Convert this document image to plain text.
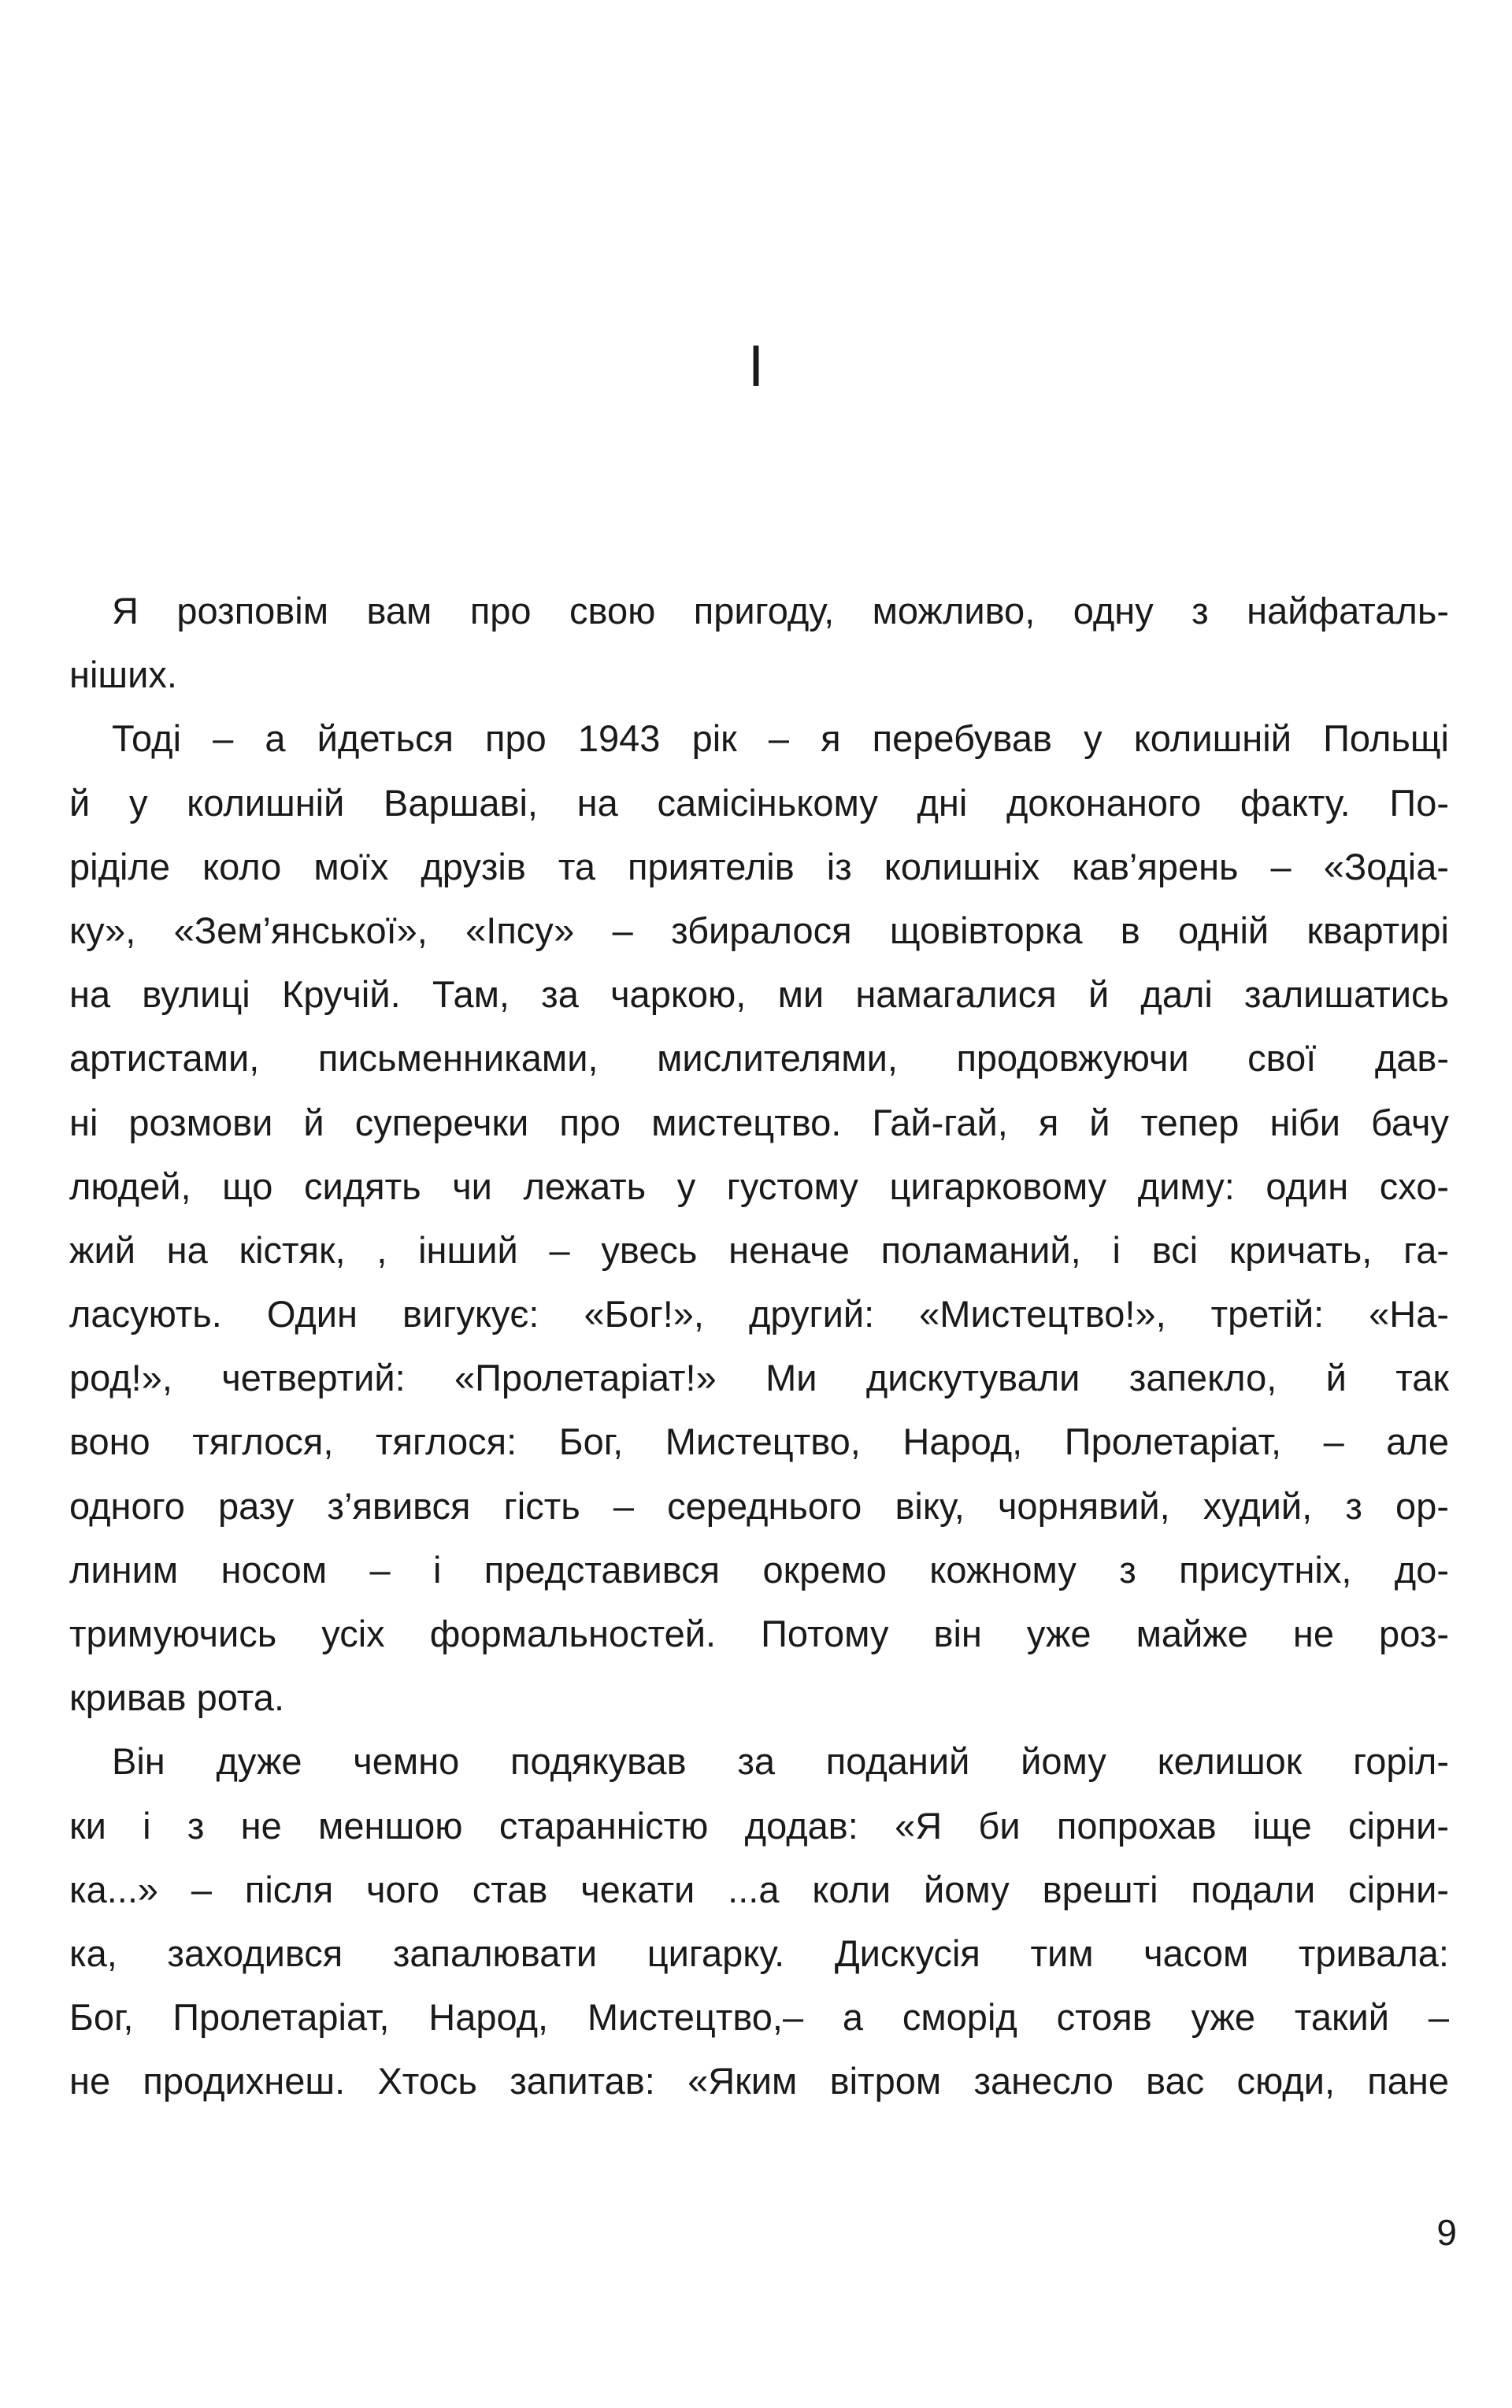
I
Я розповім вам про свою пригоду, можливо, одну з найфаталь-
ніших.
Тоді – а йдеться про 1943 рік – я перебував у колишній Польщі
й у колишній Варшаві, на самісінькому дні доконаного факту. По-
ріділе коло моїх друзів та приятелів із колишніх кав’ярень – «Зодіа-
ку», «Зем’янської», «Іпсу» – збиралося щовівторка в одній квартирі
на вулиці Кручій. Там, за чаркою, ми намагалися й далі залишатись
артистами, письменниками, мислителями, продовжуючи свої дав-
ні розмови й суперечки про мистецтво. Гай-гай, я й тепер ніби бачу
людей, що сидять чи лежать у густому цигарковому диму: один схо-
жий на кістяк, , інший – увесь неначе поламаний, і всі кричать, га-
ласують. Один вигукує: «Бог!», другий: «Мистецтво!», третій: «На-
род!», четвертий: «Пролетаріат!» Ми дискутували запекло, й так
воно тяглося, тяглося: Бог, Мистецтво, Народ, Пролетаріат, – але
одного разу з’явився гість – середнього віку, чорнявий, худий, з ор-
линим носом – і представився окремо кожному з присутніх, до-
тримуючись усіх формальностей. Потому він уже майже не роз-
кривав рота.
Він дуже чемно подякував за поданий йому келишок горіл-
ки і з не меншою старанністю додав: «Я би попрохав іще сірни-
ка...» – після чого став чекати ...а коли йому врешті подали сірни-
ка, заходився запалювати цигарку. Дискусія тим часом тривала:
Бог, Пролетаріат, Народ, Мистецтво,– а сморід стояв уже такий –
не продихнеш. Хтось запитав: «Яким вітром занесло вас сюди, пане
9
